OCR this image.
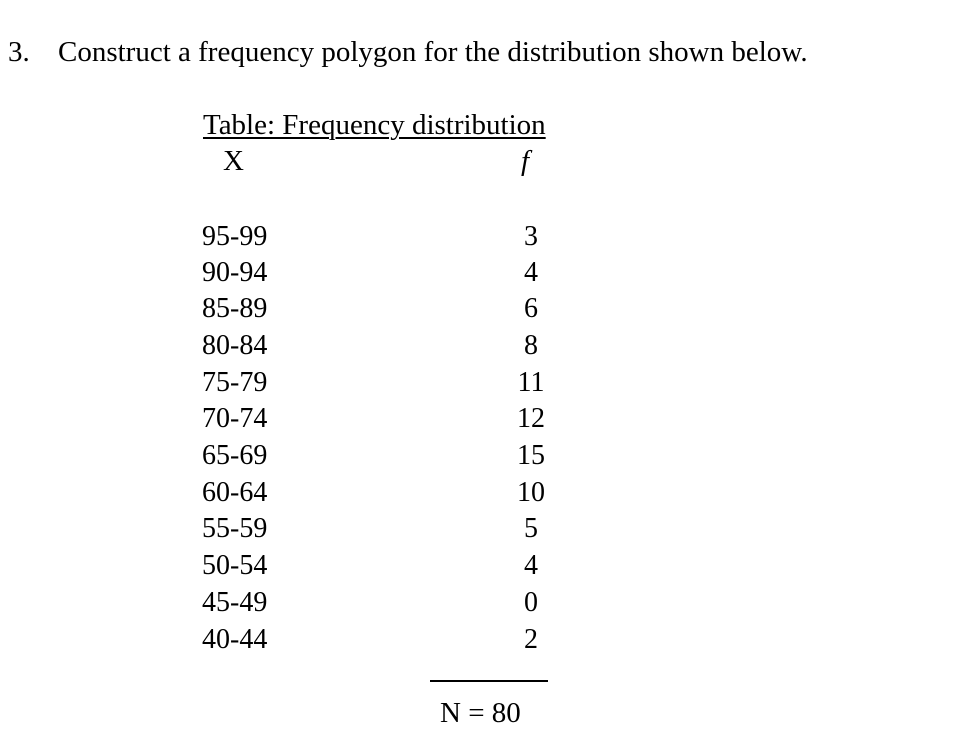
3. Construct a frequency polygon for the distribution shown below.
Table: Frequency distribution
X	f
95-99	3
90-94	4
85-89	6
80-84	8
75-79	11
70-74	12
65-69	15
60-64	10
55-59	5
50-54	4
45-49	0
40-44	2
N = 80
